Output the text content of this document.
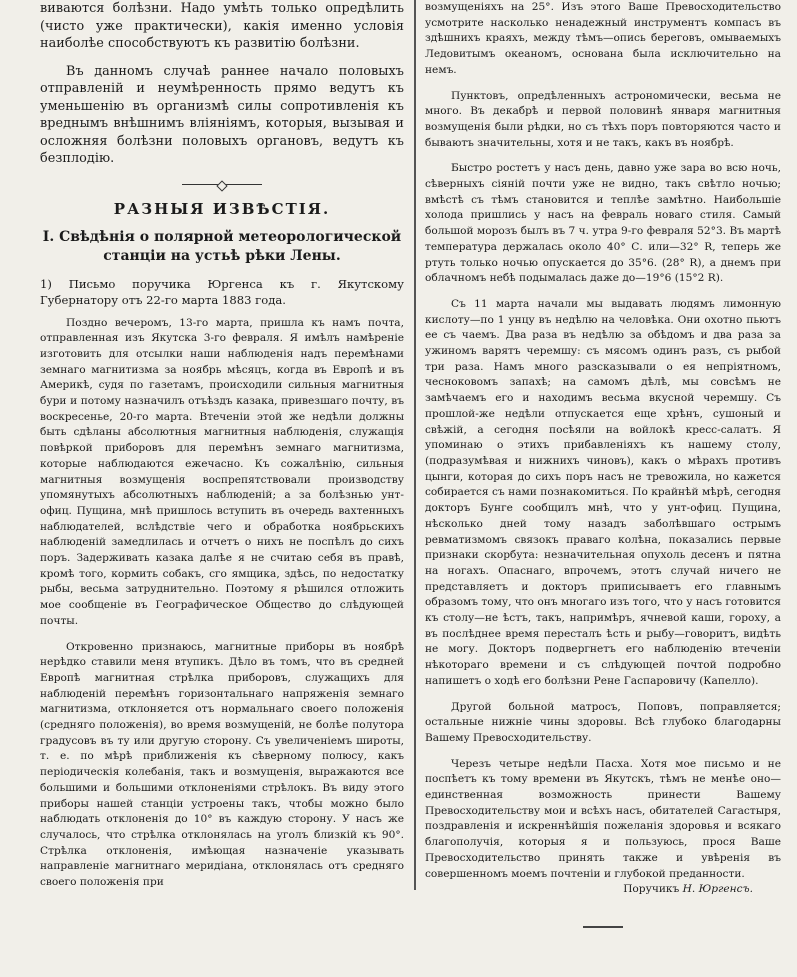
виваются болѣзни. Надо умѣть только опредѣлить (чисто уже практически), какія именно условія наиболѣе способствуютъ къ развитію болѣзни.

Въ данномъ случаѣ раннее начало половыхъ отправленій и неумѣренность прямо ведутъ къ уменьшенію въ организмѣ силы сопротивленія къ вреднымъ внѣшнимъ вліяніямъ, которыя, вызывая и осложняя болѣзни половыхъ органовъ, ведутъ къ безплодію.

РАЗНЫЯ ИЗВѢСТІЯ.
I. Свѣдѣнія о полярной метеорологической станціи на устьѣ рѣки Лены.

1) Письмо поручика Юргенса къ г. Якутскому Губернатору отъ 22-го марта 1883 года.

Поздно вечеромъ, 13-го марта, пришла къ намъ почта, отправленная изъ Якутска 3-го февраля. Я имѣлъ намѣреніе изготовить для отсылки наши наблюденія надъ перемѣнами земнаго магнитизма за ноябрь мѣсяцъ, когда въ Европѣ и въ Америкѣ, судя по газетамъ, происходили сильныя магнитныя бури и потому назначилъ отъѣздъ казака, привезшаго почту, въ воскресенье, 20-го марта. Втеченіи этой же недѣли должны быть сдѣланы абсолютныя магнитныя наблюденія, служащія повѣркой приборовъ для перемѣнъ земнаго магнитизма, которые наблюдаются ежечасно. Къ сожалѣнію, сильныя магнитныя возмущенія воспрепятствовали производству упомянутыхъ абсолютныхъ наблюденій; а за болѣзнью унт-офиц. Пущина, мнѣ пришлось вступить въ очередь вахтенныхъ наблюдателей, вслѣдствіе чего и обработка ноябрьскихъ наблюденій замедлилась и отчетъ о нихъ не поспѣлъ до сихъ поръ. Задерживать казака далѣе я не считаю себя въ правѣ, кромѣ того, кормить собакъ, сго ямщика, здѣсь, по недостатку рыбы, весьма затруднительно. Поэтому я рѣшился отложить мое сообщеніе въ Географическое Общество до слѣдующей почты.

Откровенно признаюсь, магнитные приборы въ ноябрѣ нерѣдко ставили меня втупикъ. Дѣло въ томъ, что въ средней Европѣ магнитная стрѣлка приборовъ, служащихъ для наблюденій перемѣнъ горизонтальнаго напряженія земнаго магнитизма, отклоняется отъ нормальнаго своего положенія (средняго положенія), во время возмущеній, не болѣе полутора градусовъ въ ту или другую сторону. Съ увеличеніемъ широты, т. е. по мѣрѣ приближенія къ сѣверному полюсу, какъ періодическія колебанія, такъ и возмущенія, выражаются все большими и большими отклоненіями стрѣлокъ. Въ виду этого приборы нашей станціи устроены такъ, чтобы можно было наблюдать отклоненія до 10° въ каждую сторону. У насъ же случалось, что стрѣлка отклонялась на уголъ близкій къ 90°. Стрѣлка отклоненія, имѣющая назначеніе указывать направленіе магнитнаго меридіана, отклонялась отъ средняго своего положенія при

возмущеніяхъ на 25°. Изъ этого Ваше Превосходительство усмотрите насколько ненадежный инструментъ компасъ въ здѣшнихъ краяхъ, между тѣмъ—опись береговъ, омываемыхъ Ледовитымъ океаномъ, основана была исключительно на немъ.

Пунктовъ, опредѣленныхъ астрономически, весьма не много. Въ декабрѣ и первой половинѣ января магнитныя возмущенія были рѣдки, но съ тѣхъ поръ повторяются часто и бываютъ значительны, хотя и не такъ, какъ въ ноябрѣ.

Быстро ростетъ у насъ день, давно уже зара во всю ночь, сѣверныхъ сіяній почти уже не видно, такъ свѣтло ночью; вмѣстѣ съ тѣмъ становится и теплѣе замѣтно. Наибольшіе холода пришлись у насъ на февраль новаго стиля. Самый большой морозъ былъ въ 7 ч. утра 9-го февраля 52°3. Въ мартѣ температура держалась около 40° С. или—32° R, теперь же ртуть только ночью опускается до 35°6. (28° R), а днемъ при облачномъ небѣ подымалась даже до—19°6 (15°2 R).

Съ 11 марта начали мы выдавать людямъ лимонную кислоту—по 1 унцу въ недѣлю на человѣка. Они охотно пьютъ ее съ чаемъ. Два раза въ недѣлю за обѣдомъ и два раза за ужиномъ варятъ черемшу: съ мясомъ одинъ разъ, съ рыбой три раза. Намъ много разсказывали о ея непріятномъ, чесноковомъ запахѣ; на самомъ дѣлѣ, мы совсѣмъ не замѣчаемъ его и находимъ весьма вкусной черемшу. Съ прошлой-же недѣли отпускается еще хрѣнъ, сушоный и свѣжій, а сегодня посѣяли на войлокѣ кресс-салатъ. Я упоминаю о этихъ прибавленіяхъ къ нашему столу, (подразумѣвая и нижнихъ чиновъ), какъ о мѣрахъ противъ цынги, которая до сихъ поръ насъ не тревожила, но кажется собирается съ нами познакомиться. По крайнѣй мѣрѣ, сегодня докторъ Бунге сообщилъ мнѣ, что у унт-офиц. Пущина, нѣсколько дней тому назадъ заболѣвшаго острымъ ревматизмомъ связокъ праваго колѣна, показались первые признаки скорбута: незначительная опухоль десенъ и пятна на ногахъ. Опаснаго, впрочемъ, этотъ случай ничего не представляетъ и докторъ приписываетъ его главнымъ образомъ тому, что онъ многаго изъ того, что у насъ готовится къ столу—не ѣстъ, такъ, напримѣръ, ячневой каши, гороху, а въ послѣднее время пересталъ ѣсть и рыбу—говоритъ, видѣть не могу. Докторъ подвергнетъ его наблюденію втеченіи нѣкотораго времени и съ слѣдующей почтой подробно напишетъ о ходѣ его болѣзни Рене Гаспаровичу (Капелло).

Другой больной матросъ, Поповъ, поправляется; остальные нижніе чины здоровы. Всѣ глубоко благодарны Вашему Превосходительству.

Черезъ четыре недѣли Пасха. Хотя мое письмо и не поспѣетъ къ тому времени въ Якутскъ, тѣмъ не менѣе оно—единственная возможность принести Вашему Превосходительству мои и всѣхъ насъ, обитателей Сагастыря, поздравленія и искреннѣйшія пожеланія здоровья и всякаго благополучія, которыя я и пользуюсь, прося Ваше Превосходительство принять также и увѣренія въ совершенномъ моемъ почтеніи и глубокой преданности.

Поручикъ Н. Юргенсъ.
